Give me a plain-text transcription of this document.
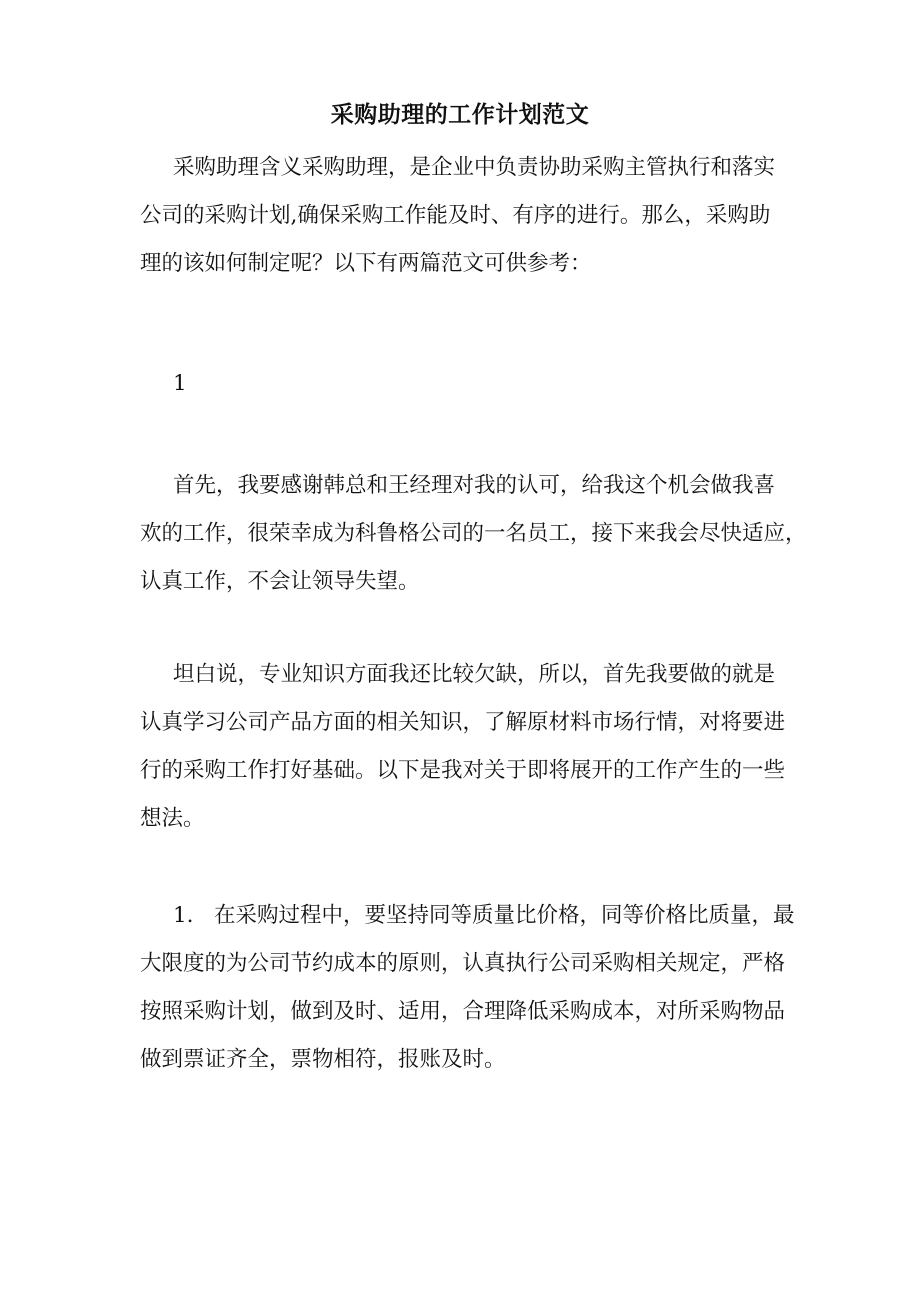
采购助理的工作计划范文
采购助理含义采购助理，是企业中负责协助采购主管执行和落实
公司的采购计划,确保采购工作能及时、有序的进行。那么，采购助
理的该如何制定呢？以下有两篇范文可供参考：
1
首先，我要感谢韩总和王经理对我的认可，给我这个机会做我喜
欢的工作，很荣幸成为科鲁格公司的一名员工，接下来我会尽快适应，
认真工作，不会让领导失望。
坦白说，专业知识方面我还比较欠缺，所以，首先我要做的就是
认真学习公司产品方面的相关知识，了解原材料市场行情，对将要进
行的采购工作打好基础。以下是我对关于即将展开的工作产生的一些
想法。
1.   在采购过程中，要坚持同等质量比价格，同等价格比质量，最
大限度的为公司节约成本的原则，认真执行公司采购相关规定，严格
按照采购计划，做到及时、适用，合理降低采购成本，对所采购物品
做到票证齐全，票物相符，报账及时。
